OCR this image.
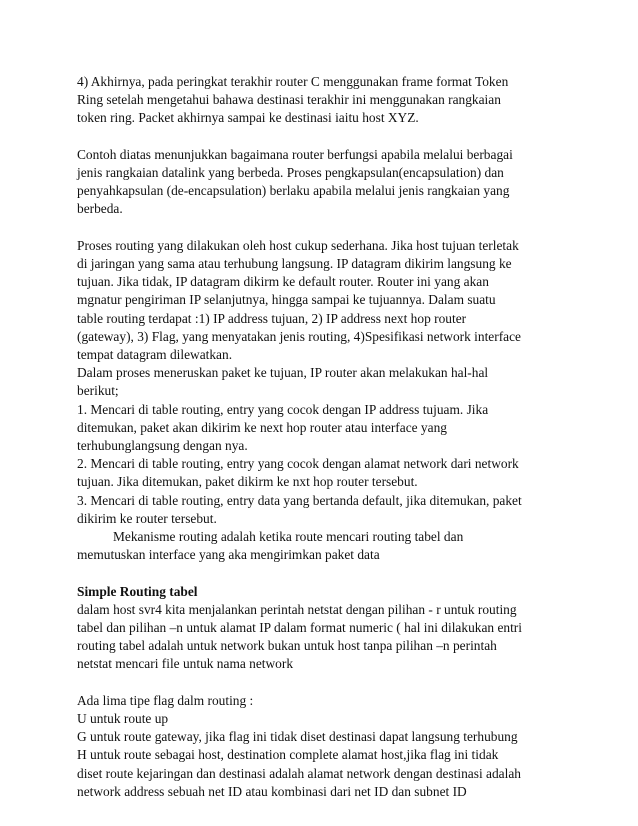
4) Akhirnya, pada peringkat terakhir router C menggunakan frame format Token
Ring setelah mengetahui bahawa destinasi terakhir ini menggunakan rangkaian
token ring. Packet akhirnya sampai ke destinasi iaitu host XYZ.
Contoh diatas menunjukkan bagaimana router berfungsi apabila melalui berbagai
jenis rangkaian datalink yang berbeda. Proses pengkapsulan(encapsulation) dan
penyahkapsulan (de-encapsulation) berlaku apabila melalui jenis rangkaian yang
berbeda.
Proses routing yang dilakukan oleh host cukup sederhana. Jika host tujuan terletak
di jaringan yang sama atau terhubung langsung. IP datagram dikirim langsung ke
tujuan. Jika tidak, IP datagram dikirm ke default router. Router ini yang akan
mgnatur pengiriman IP selanjutnya, hingga sampai ke tujuannya. Dalam suatu
table routing terdapat :1) IP address tujuan, 2) IP address next hop router
(gateway), 3) Flag, yang menyatakan jenis routing, 4)Spesifikasi network interface
tempat datagram dilewatkan.
Dalam proses meneruskan paket ke tujuan, IP router akan melakukan hal-hal
berikut;
1. Mencari di table routing, entry yang cocok dengan IP address tujuam. Jika
ditemukan, paket akan dikirim ke next hop router atau interface yang
terhubunglangsung dengan nya.
2. Mencari di table routing, entry yang cocok dengan alamat network dari network
tujuan. Jika ditemukan, paket dikirm ke nxt hop router tersebut.
3. Mencari di table routing, entry data yang bertanda default, jika ditemukan, paket
dikirim ke router tersebut.
Mekanisme routing adalah ketika route mencari routing tabel dan
memutuskan interface yang aka mengirimkan paket data
Simple Routing tabel
dalam host svr4 kita menjalankan perintah netstat dengan pilihan - r untuk routing
tabel dan pilihan –n untuk alamat IP dalam format numeric ( hal ini dilakukan entri
routing tabel adalah untuk network bukan untuk host tanpa pilihan –n perintah
netstat mencari file untuk nama network
Ada lima tipe flag dalm routing :
U untuk route up
G untuk route gateway, jika flag ini tidak diset destinasi dapat langsung terhubung
H untuk route sebagai host, destination complete alamat host,jika flag ini tidak
diset route kejaringan dan destinasi adalah alamat network dengan destinasi adalah
network address sebuah net ID atau kombinasi dari net ID dan subnet ID
